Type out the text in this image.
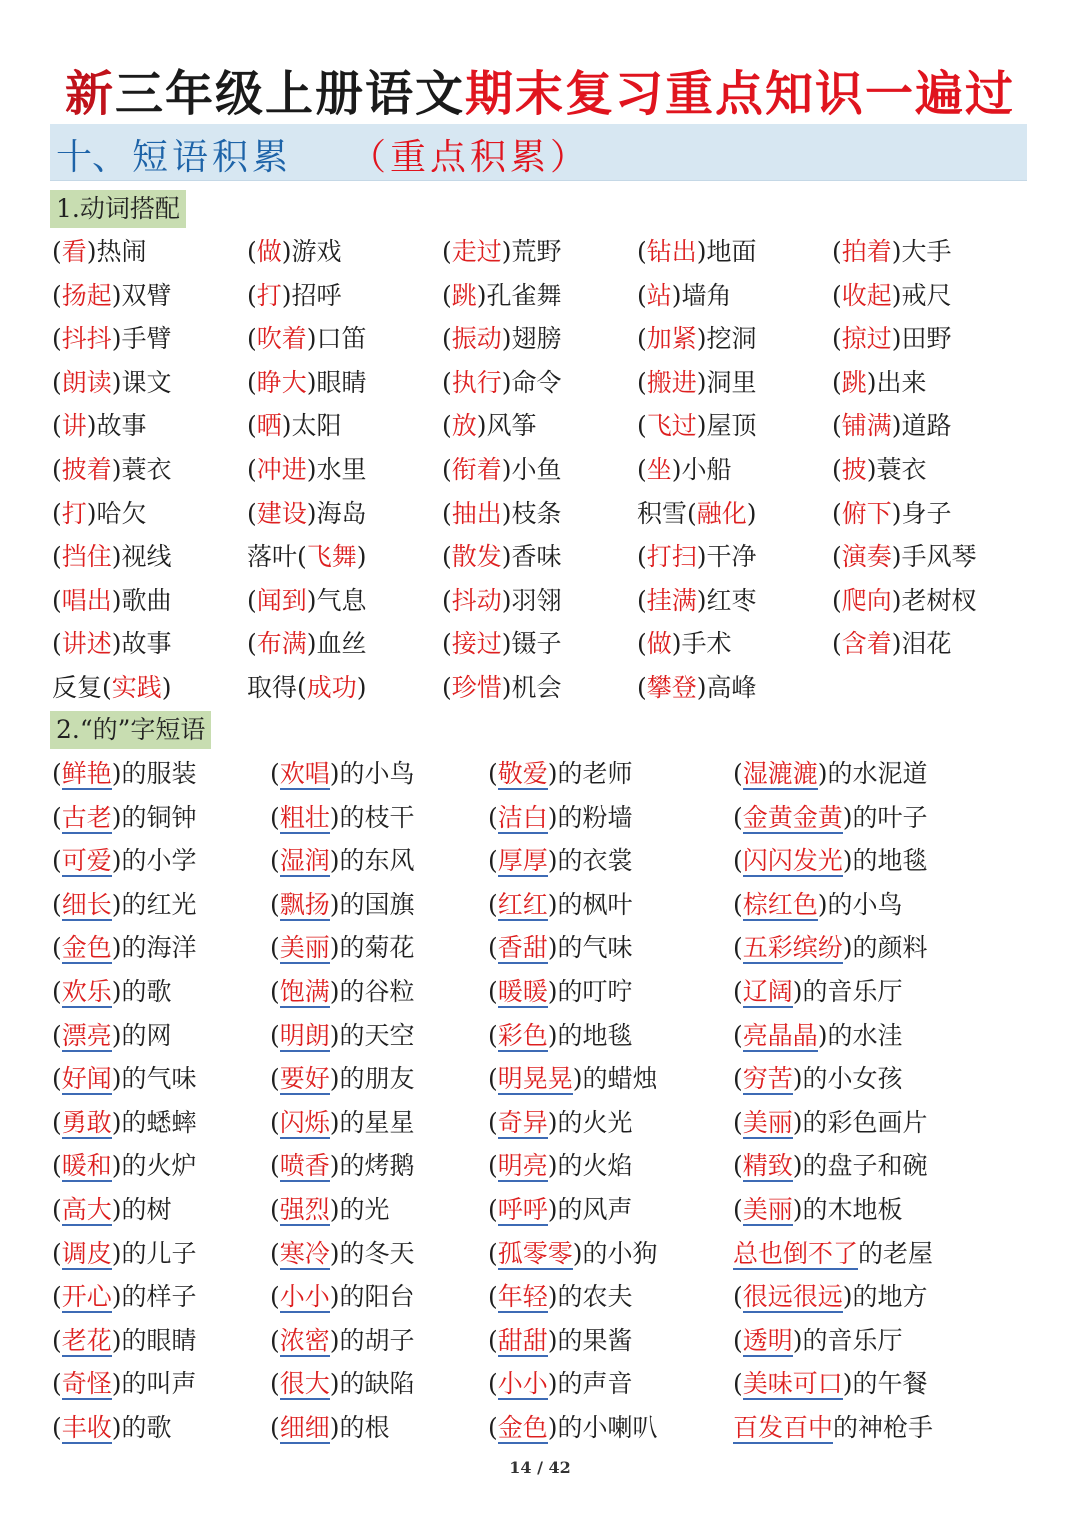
新三年级上册语文期末复习重点知识一遍过
十、 短语积累 （重点积累）
1.动词搭配
(看)热闹	(做)游戏	(走过)荒野	(钻出)地面	(拍着)大手
(扬起)双臂	(打)招呼	(跳)孔雀舞	(站)墙角	(收起)戒尺
(抖抖)手臂	(吹着)口笛	(振动)翅膀	(加紧)挖洞	(掠过)田野
(朗读)课文	(睁大)眼睛	(执行)命令	(搬进)洞里	(跳)出来
(讲)故事	(晒)太阳	(放)风筝	(飞过)屋顶	(铺满)道路
(披着)蓑衣	(冲进)水里	(衔着)小鱼	(坐)小船	(披)蓑衣
(打)哈欠	(建设)海岛	(抽出)枝条	积雪(融化)	(俯下)身子
(挡住)视线	落叶(飞舞)	(散发)香味	(打扫)干净	(演奏)手风琴
(唱出)歌曲	(闻到)气息	(抖动)羽翎	(挂满)红枣	(爬向)老树杈
(讲述)故事	(布满)血丝	(接过)镊子	(做)手术	(含着)泪花
反复(实践)	取得(成功)	(珍惜)机会	(攀登)高峰
2.“的”字短语
(鲜艳)的服装	(欢唱)的小鸟	(敬爱)的老师	(湿漉漉)的水泥道
(古老)的铜钟	(粗壮)的枝干	(洁白)的粉墙	(金黄金黄)的叶子
(可爱)的小学	(湿润)的东风	(厚厚)的衣裳	(闪闪发光)的地毯
(细长)的红光	(飘扬)的国旗	(红红)的枫叶	(棕红色)的小鸟
(金色)的海洋	(美丽)的菊花	(香甜)的气味	(五彩缤纷)的颜料
(欢乐)的歌	(饱满)的谷粒	(暖暖)的叮咛	(辽阔)的音乐厅
(漂亮)的网	(明朗)的天空	(彩色)的地毯	(亮晶晶)的水洼
(好闻)的气味	(要好)的朋友	(明晃晃)的蜡烛	(穷苦)的小女孩
(勇敢)的蟋蟀	(闪烁)的星星	(奇异)的火光	(美丽)的彩色画片
(暖和)的火炉	(喷香)的烤鹅	(明亮)的火焰	(精致)的盘子和碗
(高大)的树	(强烈)的光	(呼呼)的风声	(美丽)的木地板
(调皮)的儿子	(寒冷)的冬天	(孤零零)的小狗	总也倒不了的老屋
(开心)的样子	(小小)的阳台	(年轻)的农夫	(很远很远)的地方
(老花)的眼睛	(浓密)的胡子	(甜甜)的果酱	(透明)的音乐厅
(奇怪)的叫声	(很大)的缺陷	(小小)的声音	(美味可口)的午餐
(丰收)的歌	(细细)的根	(金色)的小喇叭	百发百中的神枪手
14 / 42
